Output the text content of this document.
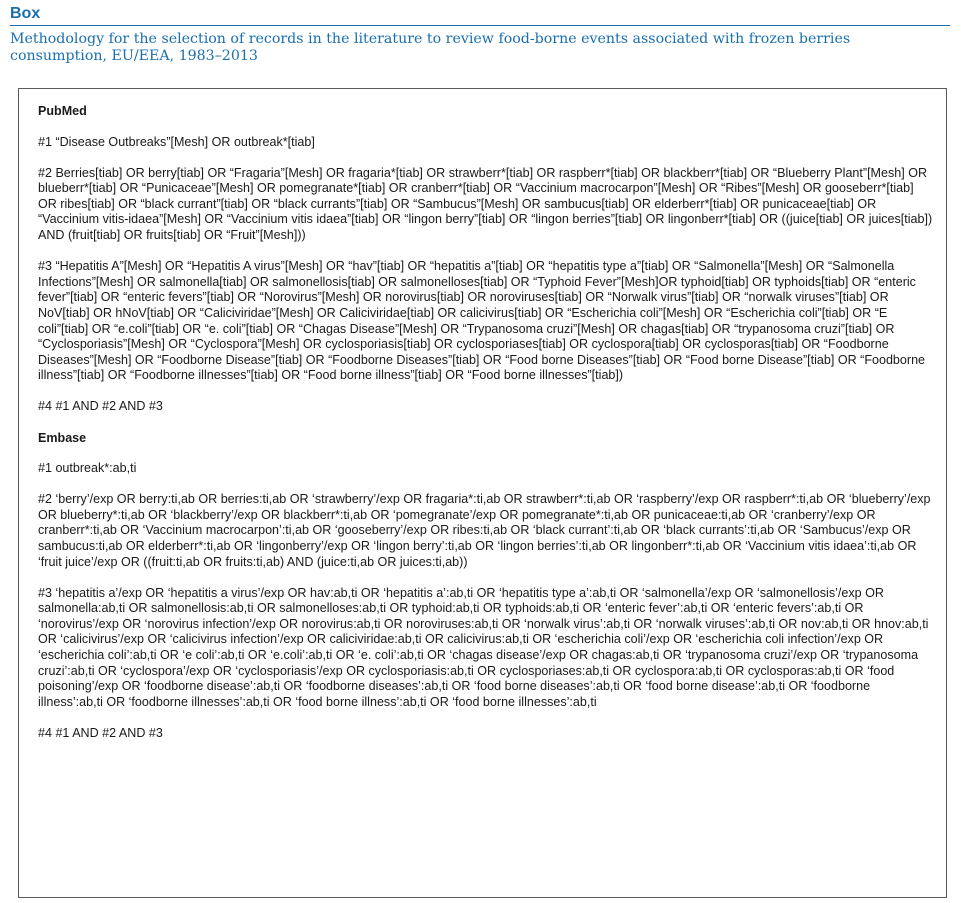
Box
Methodology for the selection of records in the literature to review food-borne events associated with frozen berries consumption, EU/EEA, 1983–2013
PubMed

#1 “Disease Outbreaks”[Mesh] OR outbreak*[tiab]

#2 Berries[tiab] OR berry[tiab] OR “Fragaria”[Mesh] OR fragaria*[tiab] OR strawberr*[tiab] OR raspberr*[tiab] OR blackberr*[tiab] OR “Blueberry Plant”[Mesh] OR blueberr*[tiab] OR “Punicaceae”[Mesh] OR pomegranate*[tiab] OR cranberr*[tiab] OR “Vaccinium macrocarpon”[Mesh] OR “Ribes”[Mesh] OR gooseberr*[tiab] OR ribes[tiab] OR “black currant”[tiab] OR “black currants”[tiab] OR “Sambucus”[Mesh] OR sambucus[tiab] OR elderberr*[tiab] OR punicaceae[tiab] OR “Vaccinium vitis-idaea”[Mesh] OR “Vaccinium vitis idaea”[tiab] OR “lingon berry”[tiab] OR “lingon berries”[tiab] OR lingonberr*[tiab] OR ((juice[tiab] OR juices[tiab]) AND (fruit[tiab] OR fruits[tiab] OR “Fruit”[Mesh]))

#3 “Hepatitis A”[Mesh] OR “Hepatitis A virus”[Mesh] OR “hav”[tiab] OR “hepatitis a”[tiab] OR “hepatitis type a”[tiab] OR “Salmonella”[Mesh] OR “Salmonella Infections”[Mesh] OR salmonella[tiab] OR salmonellosis[tiab] OR salmonelloses[tiab] OR “Typhoid Fever”[Mesh]OR typhoid[tiab] OR typhoids[tiab] OR “enteric fever”[tiab] OR “enteric fevers”[tiab] OR “Norovirus”[Mesh] OR norovirus[tiab] OR noroviruses[tiab] OR “Norwalk virus”[tiab] OR “norwalk viruses”[tiab] OR NoV[tiab] OR hNoV[tiab] OR “Caliciviridae”[Mesh] OR Caliciviridae[tiab] OR calicivirus[tiab] OR “Escherichia coli”[Mesh] OR “Escherichia coli”[tiab] OR “E coli”[tiab] OR “e.coli”[tiab] OR “e. coli”[tiab] OR “Chagas Disease”[Mesh] OR “Trypanosoma cruzi”[Mesh] OR chagas[tiab] OR “trypanosoma cruzi”[tiab] OR “Cyclosporiasis”[Mesh] OR “Cyclospora”[Mesh] OR cyclosporiasis[tiab] OR cyclosporiases[tiab] OR cyclospora[tiab] OR cyclosporas[tiab] OR “Foodborne Diseases”[Mesh] OR “Foodborne Disease”[tiab] OR “Foodborne Diseases”[tiab] OR “Food borne Diseases”[tiab] OR “Food borne Disease”[tiab] OR “Foodborne illness”[tiab] OR “Foodborne illnesses”[tiab] OR “Food borne illness”[tiab] OR “Food borne illnesses”[tiab])

#4 #1 AND #2 AND #3

Embase

#1 outbreak*:ab,ti

#2 ‘berry’/exp OR berry:ti,ab OR berries:ti,ab OR ‘strawberry’/exp OR fragaria*:ti,ab OR strawberr*:ti,ab OR ‘raspberry’/exp OR raspberr*:ti,ab OR ‘blueberry’/exp OR blueberry*:ti,ab OR ‘blackberry’/exp OR blackberr*:ti,ab OR ‘pomegranate’/exp OR pomegranate*:ti,ab OR punicaceae:ti,ab OR ‘cranberry’/exp OR cranberr*:ti,ab OR ‘Vaccinium macrocarpon’:ti,ab OR ‘gooseberry’/exp OR ribes:ti,ab OR ‘black currant’:ti,ab OR ‘black currants’:ti,ab OR ‘Sambucus’/exp OR sambucus:ti,ab OR elderberr*:ti,ab OR ‘lingonberry’/exp OR ‘lingon berry’:ti,ab OR ‘lingon berries’:ti,ab OR lingonberr*:ti,ab OR ‘Vaccinium vitis idaea’:ti,ab OR ‘fruit juice’/exp OR ((fruit:ti,ab OR fruits:ti,ab) AND (juice:ti,ab OR juices:ti,ab))

#3 ‘hepatitis a’/exp OR ‘hepatitis a virus’/exp OR hav:ab,ti OR ‘hepatitis a’:ab,ti OR ‘hepatitis type a’:ab,ti OR ‘salmonella’/exp OR ‘salmonellosis’/exp OR salmonella:ab,ti OR salmonellosis:ab,ti OR salmonelloses:ab,ti OR typhoid:ab,ti OR typhoids:ab,ti OR ‘enteric fever’:ab,ti OR ‘enteric fevers’:ab,ti OR ‘norovirus’/exp OR ‘norovirus infection’/exp OR norovirus:ab,ti OR noroviruses:ab,ti OR ‘norwalk virus’:ab,ti OR ‘norwalk viruses’:ab,ti OR nov:ab,ti OR hnov:ab,ti OR ‘calicivirus’/exp OR ‘calicivirus infection’/exp OR caliciviridae:ab,ti OR calicivirus:ab,ti OR ‘escherichia coli’/exp OR ‘escherichia coli infection’/exp OR ‘escherichia coli’:ab,ti OR ‘e coli’:ab,ti OR ‘e.coli’:ab,ti OR ‘e. coli’:ab,ti OR ‘chagas disease’/exp OR chagas:ab,ti OR ‘trypanosoma cruzi’/exp OR ‘trypanosoma cruzi’:ab,ti OR ‘cyclospora’/exp OR ‘cyclosporiasis’/exp OR cyclosporiasis:ab,ti OR cyclosporiases:ab,ti OR cyclospora:ab,ti OR cyclosporas:ab,ti OR ‘food poisoning’/exp OR ‘foodborne disease’:ab,ti OR ‘foodborne diseases’:ab,ti OR ‘food borne diseases’:ab,ti OR ‘food borne disease’:ab,ti OR ‘foodborne illness’:ab,ti OR ‘foodborne illnesses’:ab,ti OR ‘food borne illness’:ab,ti OR ‘food borne illnesses’:ab,ti

#4 #1 AND #2 AND #3
